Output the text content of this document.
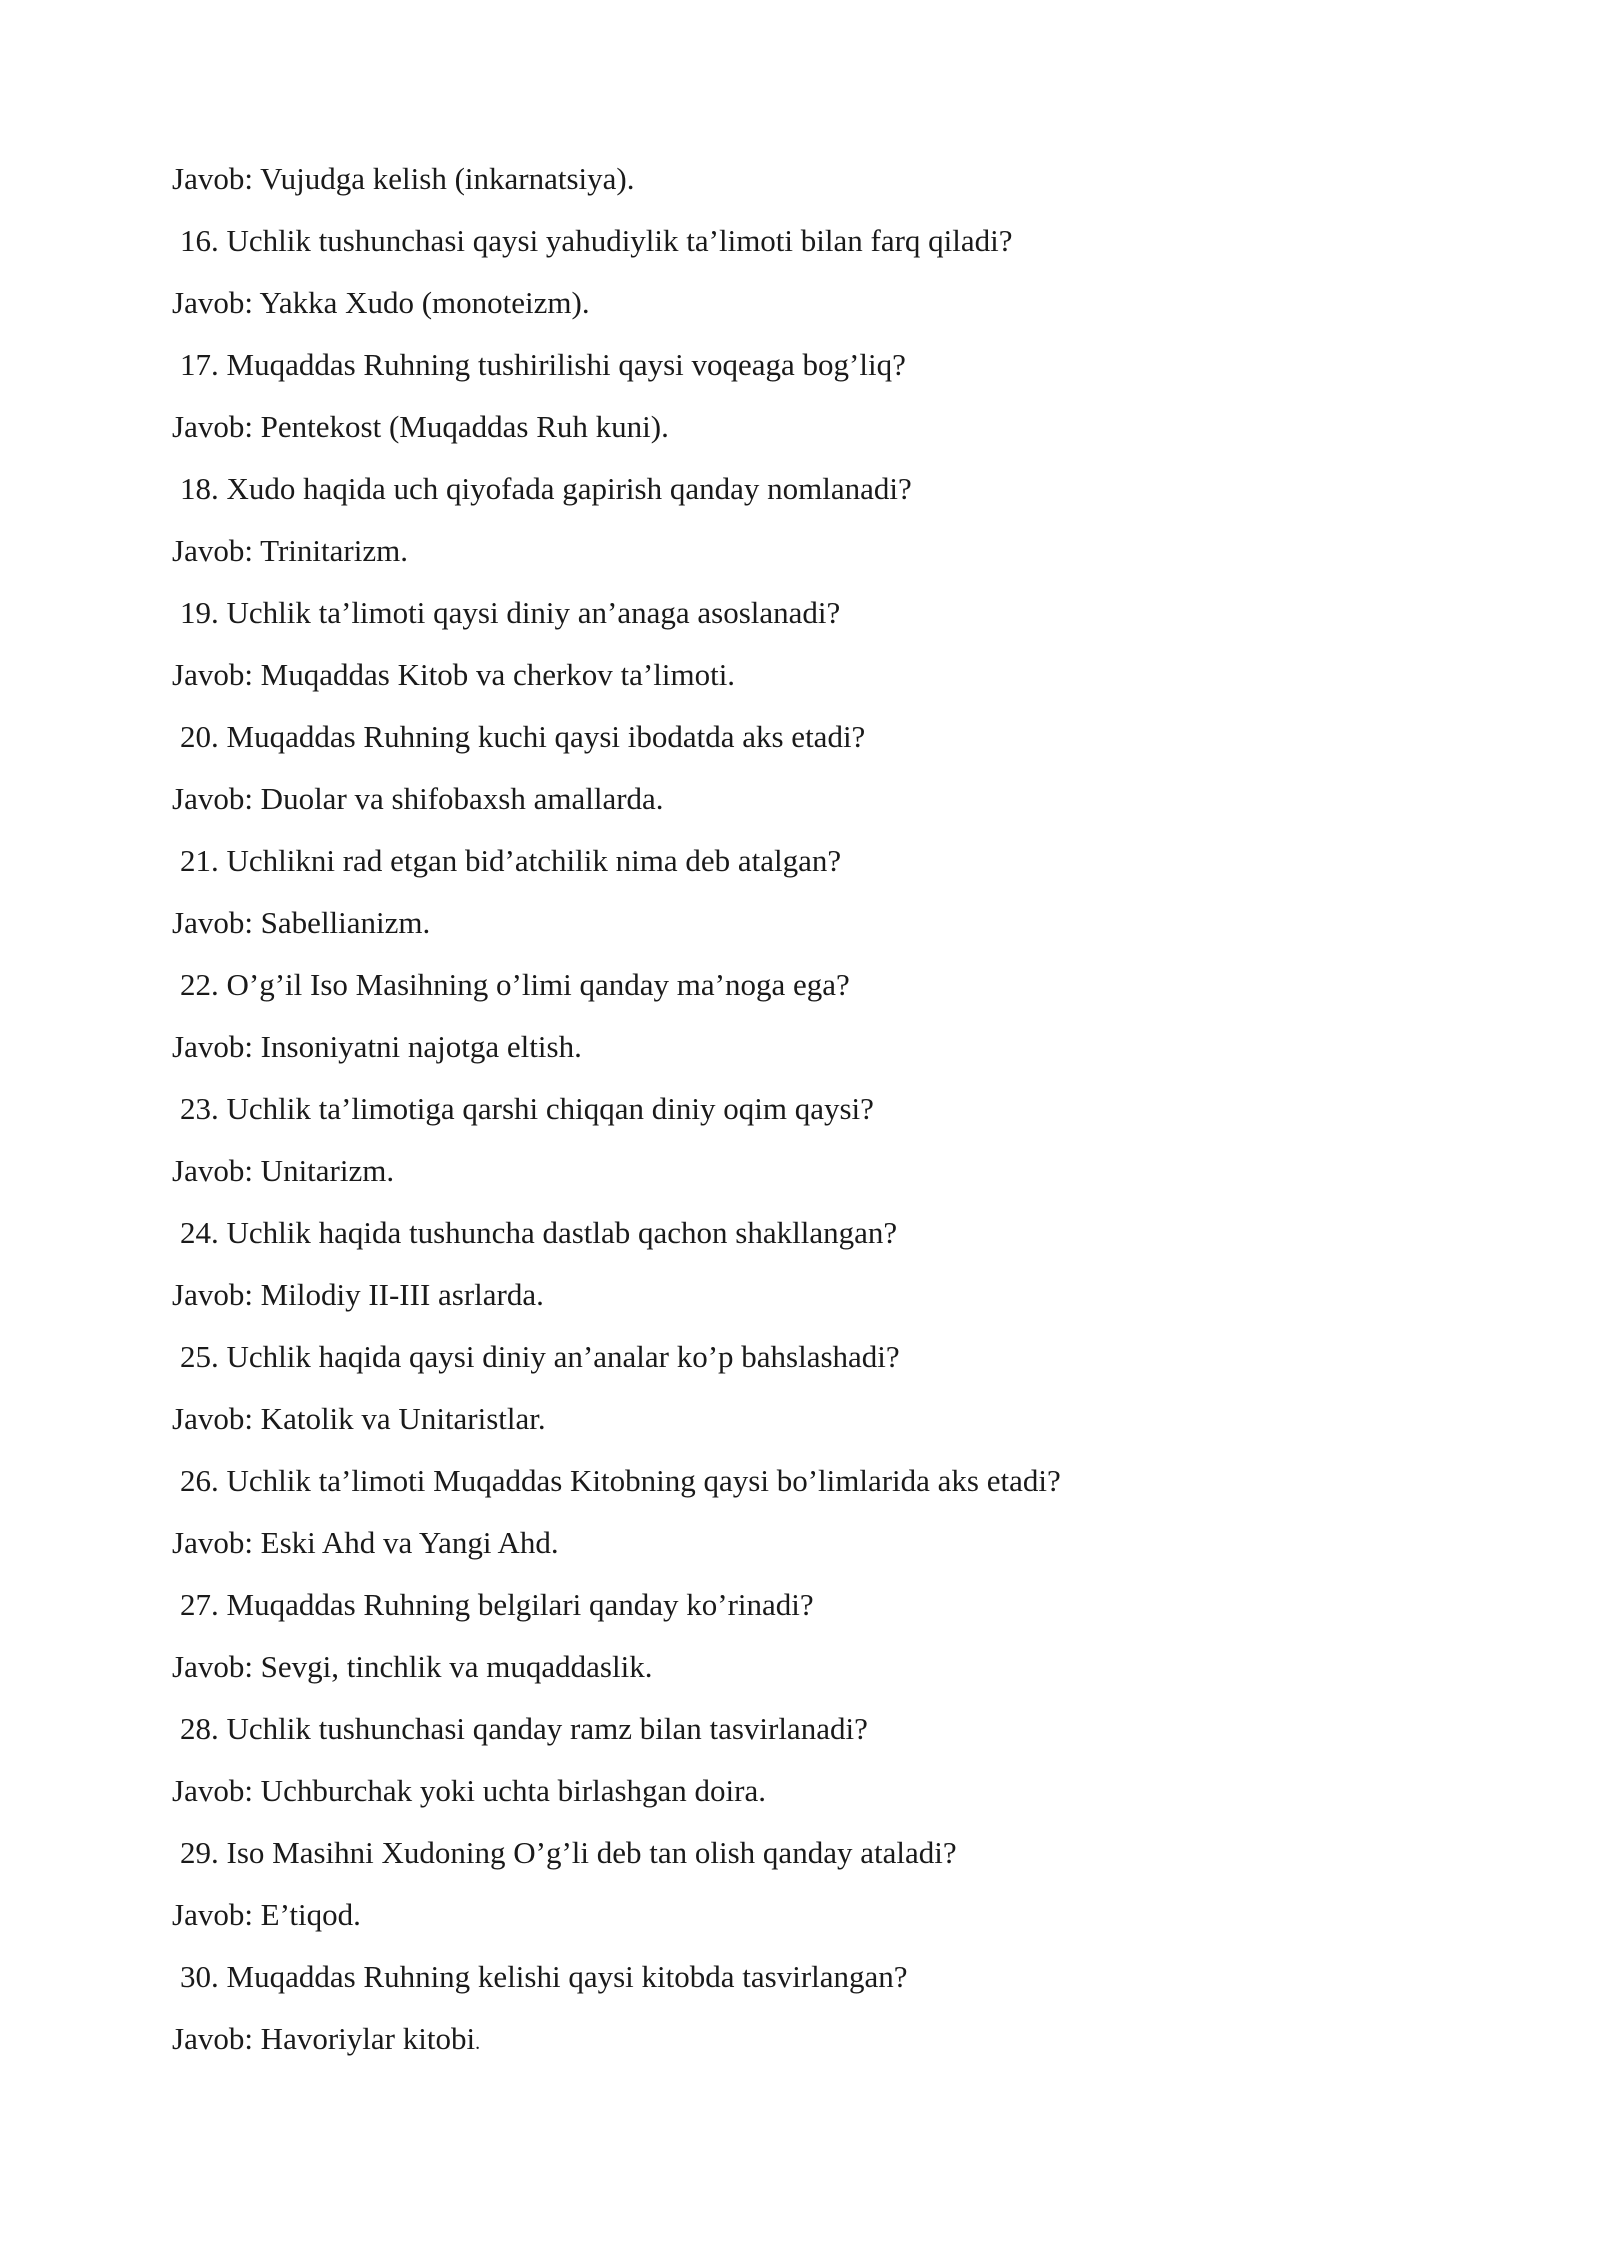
Javob: Vujudga kelish (inkarnatsiya).
16. Uchlik tushunchasi qaysi yahudiylik ta’limoti bilan farq qiladi?
Javob: Yakka Xudo (monoteizm).
17. Muqaddas Ruhning tushirilishi qaysi voqeaga bog’liq?
Javob: Pentekost (Muqaddas Ruh kuni).
18. Xudo haqida uch qiyofada gapirish qanday nomlanadi?
Javob: Trinitarizm.
19. Uchlik ta’limoti qaysi diniy an’anaga asoslanadi?
Javob: Muqaddas Kitob va cherkov ta’limoti.
20. Muqaddas Ruhning kuchi qaysi ibodatda aks etadi?
Javob: Duolar va shifobaxsh amallarda.
21. Uchlikni rad etgan bid’atchilik nima deb atalgan?
Javob: Sabellianizm.
22. O’g’il Iso Masihning o’limi qanday ma’noga ega?
Javob: Insoniyatni najotga eltish.
23. Uchlik ta’limotiga qarshi chiqqan diniy oqim qaysi?
Javob: Unitarizm.
24. Uchlik haqida tushuncha dastlab qachon shakllangan?
Javob: Milodiy II-III asrlarda.
25. Uchlik haqida qaysi diniy an’analar ko’p bahslashadi?
Javob: Katolik va Unitaristlar.
26. Uchlik ta’limoti Muqaddas Kitobning qaysi bo’limlarida aks etadi?
Javob: Eski Ahd va Yangi Ahd.
27. Muqaddas Ruhning belgilari qanday ko’rinadi?
Javob: Sevgi, tinchlik va muqaddaslik.
28. Uchlik tushunchasi qanday ramz bilan tasvirlanadi?
Javob: Uchburchak yoki uchta birlashgan doira.
29. Iso Masihni Xudoning O’g’li deb tan olish qanday ataladi?
Javob: E’tiqod.
30. Muqaddas Ruhning kelishi qaysi kitobda tasvirlangan?
Javob: Havoriylar kitobi.
